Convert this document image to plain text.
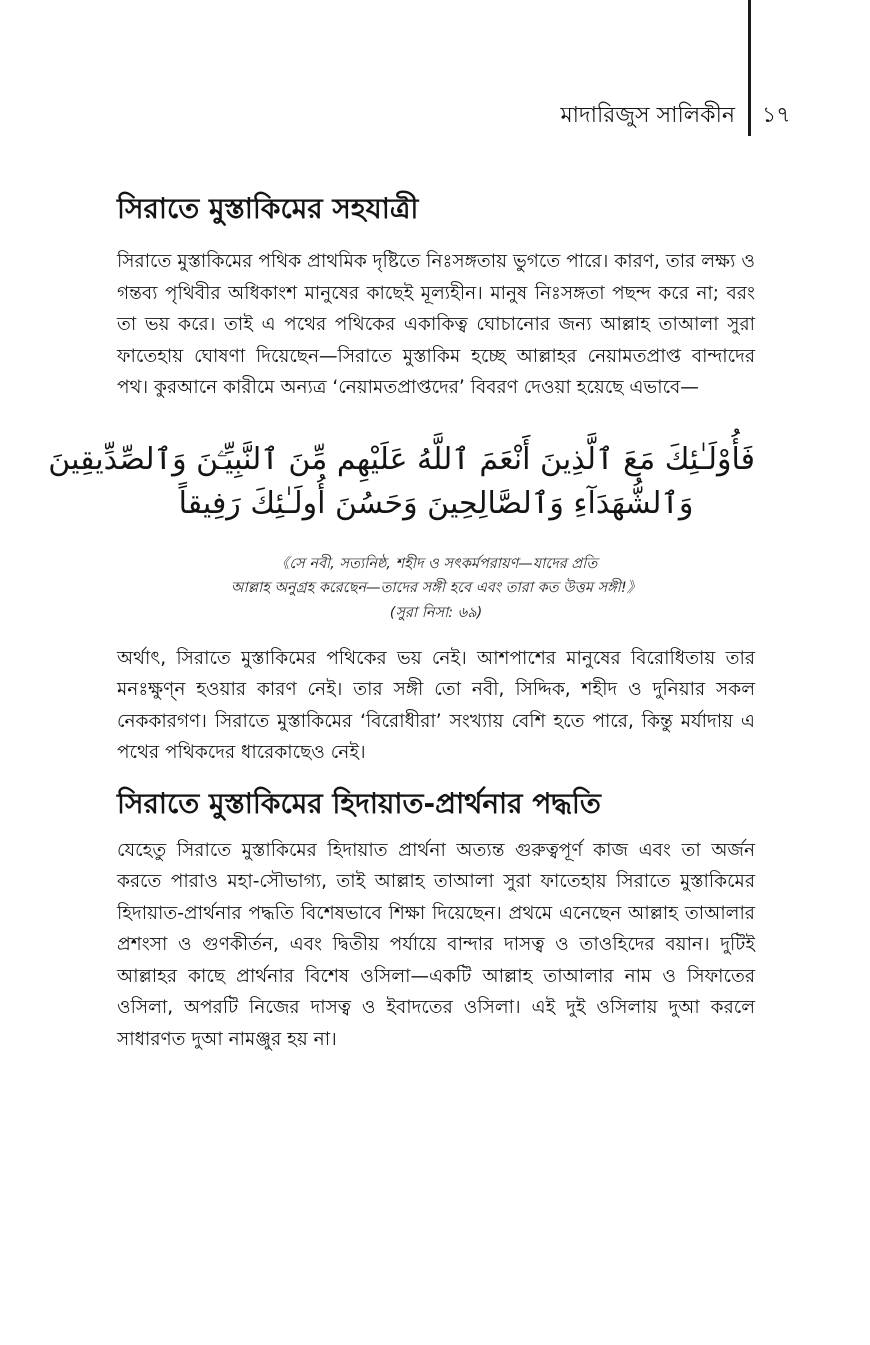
মাদারিজুস সালিকীন ১৭
সিরাতে মুস্তাকিমের সহযাত্রী

সিরাতে মুস্তাকিমের পথিক প্রাথমিক দৃষ্টিতে নিঃসঙ্গতায় ভুগতে পারে। কারণ, তার লক্ষ্য ও গন্তব্য পৃথিবীর অধিকাংশ মানুষের কাছেই মূল্যহীন। মানুষ নিঃসঙ্গতা পছন্দ করে না; বরং তা ভয় করে। তাই এ পথের পথিকের একাকিত্ব ঘোচানোর জন্য আল্লাহ তাআলা সুরা ফাতেহায় ঘোষণা দিয়েছেন—সিরাতে মুস্তাকিম হচ্ছে আল্লাহর নেয়ামতপ্রাপ্ত বান্দাদের পথ। কুরআনে কারীমে অন্যত্র ‘নেয়ামতপ্রাপ্তদের’ বিবরণ দেওয়া হয়েছে এভাবে—

فَأُوْلَـٰئِكَ مَعَ ٱلَّذِينَ أَنْعَمَ ٱللَّهُ عَلَيْهِم مِّنَ ٱلنَّبِيِّـۧنَ وَٱلصِّدِّيقِينَ
وَٱلشُّهَدَآءِ وَٱلصَّالِحِينَ وَحَسُنَ أُولَـٰئِكَ رَفِيقاً
《সে নবী, সত্যনিষ্ঠ, শহীদ ও সৎকর্মপরায়ণ—যাদের প্রতি
আল্লাহ অনুগ্রহ করেছেন—তাদের সঙ্গী হবে এবং তারা কত উত্তম সঙ্গী!》
(সুরা নিসা: ৬৯)

অর্থাৎ, সিরাতে মুস্তাকিমের পথিকের ভয় নেই। আশপাশের মানুষের বিরোধিতায় তার মনঃক্ষুণ্ন হওয়ার কারণ নেই। তার সঙ্গী তো নবী, সিদ্দিক, শহীদ ও দুনিয়ার সকল নেককারগণ। সিরাতে মুস্তাকিমের ‘বিরোধীরা’ সংখ্যায় বেশি হতে পারে, কিন্তু মর্যাদায় এ পথের পথিকদের ধারেকাছেও নেই।

সিরাতে মুস্তাকিমের হিদায়াত-প্রার্থনার পদ্ধতি

যেহেতু সিরাতে মুস্তাকিমের হিদায়াত প্রার্থনা অত্যন্ত গুরুত্বপূর্ণ কাজ এবং তা অর্জন করতে পারাও মহা-সৌভাগ্য, তাই আল্লাহ তাআলা সুরা ফাতেহায় সিরাতে মুস্তাকিমের হিদায়াত-প্রার্থনার পদ্ধতি বিশেষভাবে শিক্ষা দিয়েছেন। প্রথমে এনেছেন আল্লাহ তাআলার প্রশংসা ও গুণকীর্তন, এবং দ্বিতীয় পর্যায়ে বান্দার দাসত্ব ও তাওহিদের বয়ান। দুটিই আল্লাহর কাছে প্রার্থনার বিশেষ ওসিলা—একটি আল্লাহ তাআলার নাম ও সিফাতের ওসিলা, অপরটি নিজের দাসত্ব ও ইবাদতের ওসিলা। এই দুই ওসিলায় দুআ করলে সাধারণত দুআ নামঞ্জুর হয় না।
